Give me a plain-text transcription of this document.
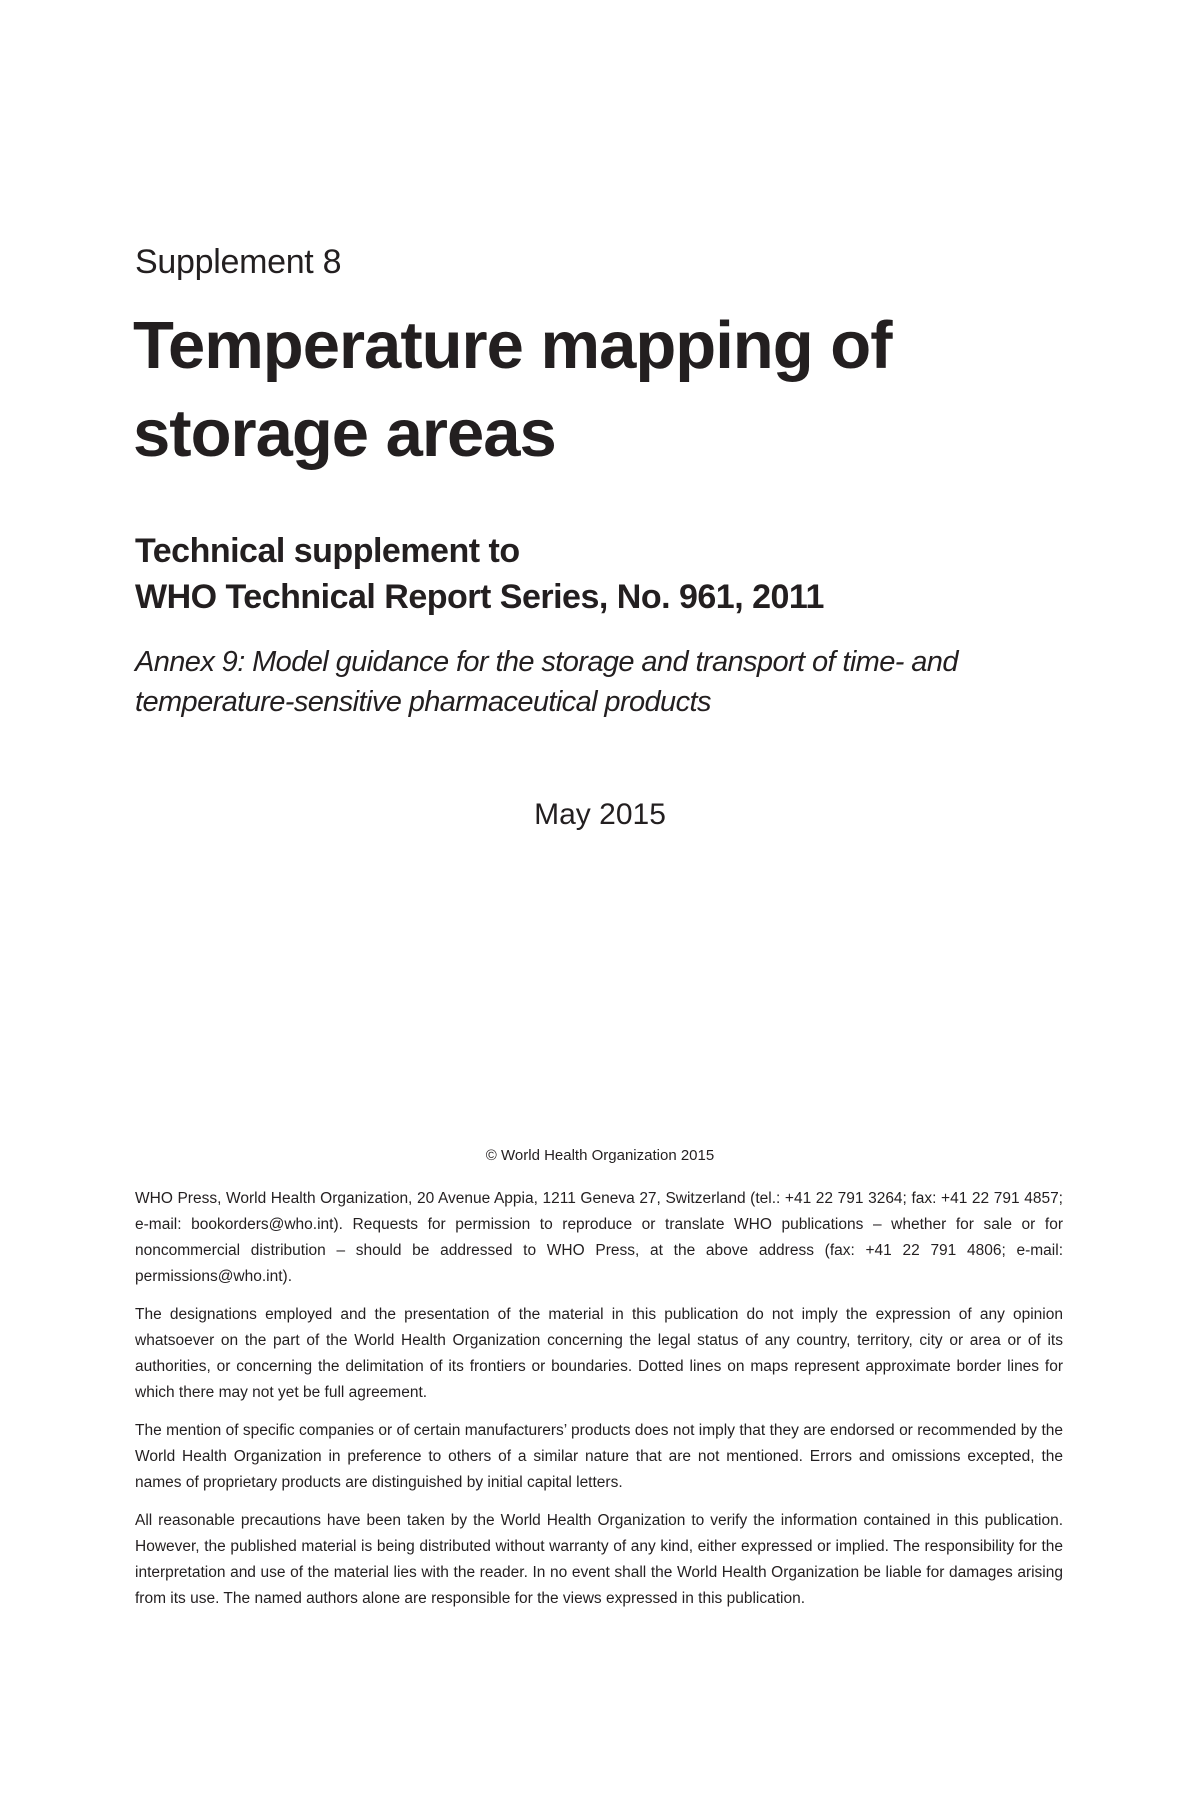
Supplement 8

Temperature mapping of storage areas
Technical supplement to
WHO Technical Report Series, No. 961, 2011

Annex 9: Model guidance for the storage and transport of time- and temperature-sensitive pharmaceutical products

May 2015

© World Health Organization 2015

WHO Press, World Health Organization, 20 Avenue Appia, 1211 Geneva 27, Switzerland (tel.: +41 22 791 3264; fax: +41 22 791 4857; e-mail: bookorders@who.int). Requests for permission to reproduce or translate WHO publications – whether for sale or for noncommercial distribution – should be addressed to WHO Press, at the above address (fax: +41 22 791 4806; e-mail: permissions@who.int).

The designations employed and the presentation of the material in this publication do not imply the expression of any opinion whatsoever on the part of the World Health Organization concerning the legal status of any country, territory, city or area or of its authorities, or concerning the delimitation of its frontiers or boundaries. Dotted lines on maps represent approximate border lines for which there may not yet be full agreement.

The mention of specific companies or of certain manufacturers’ products does not imply that they are endorsed or recommended by the World Health Organization in preference to others of a similar nature that are not mentioned. Errors and omissions excepted, the names of proprietary products are distinguished by initial capital letters.

All reasonable precautions have been taken by the World Health Organization to verify the information contained in this publication. However, the published material is being distributed without warranty of any kind, either expressed or implied. The responsibility for the interpretation and use of the material lies with the reader. In no event shall the World Health Organization be liable for damages arising from its use. The named authors alone are responsible for the views expressed in this publication.
